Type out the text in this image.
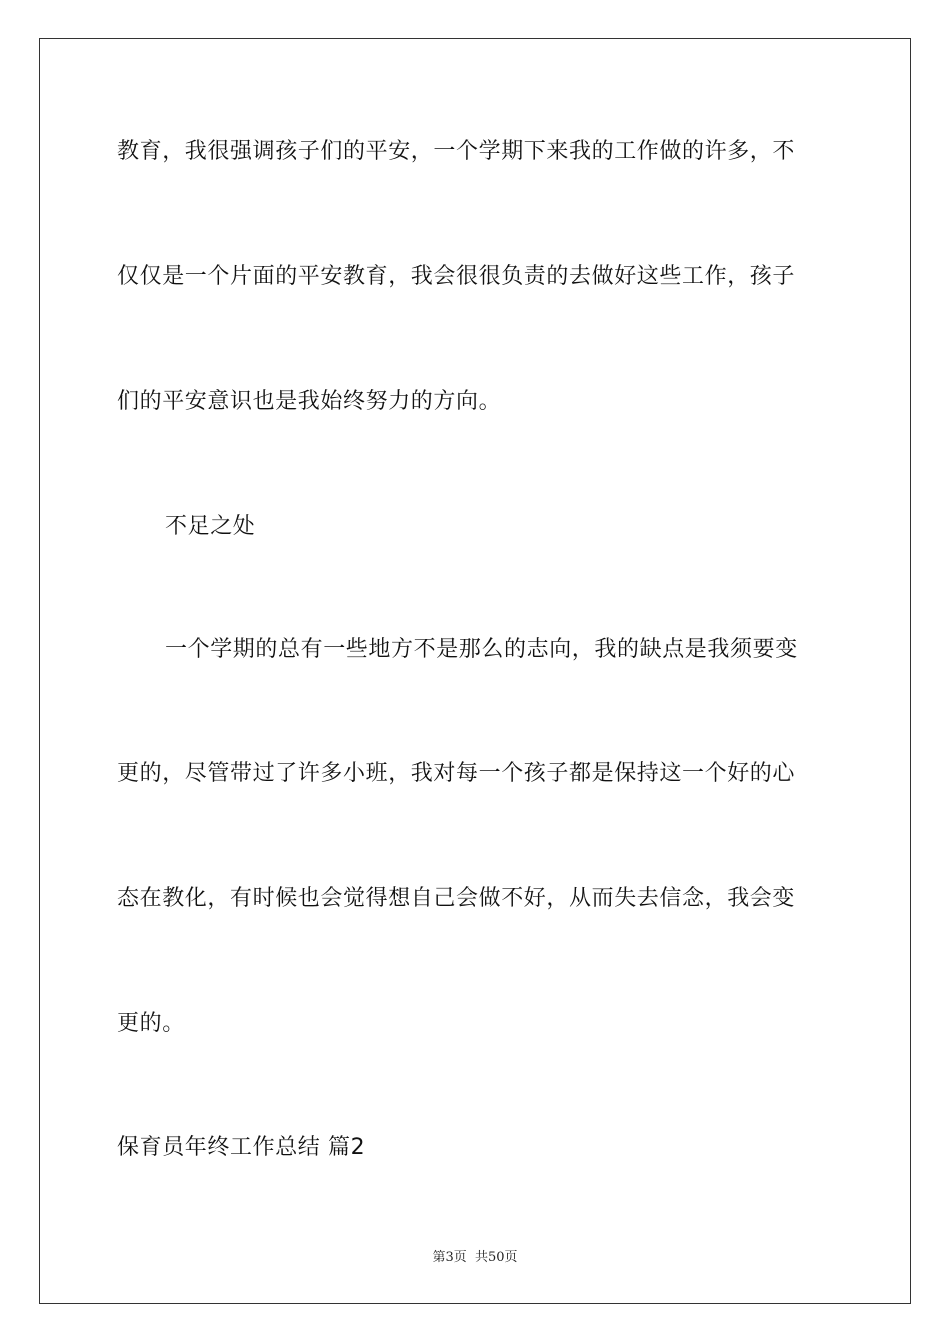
教育，我很强调孩子们的平安，一个学期下来我的工作做的许多，不
仅仅是一个片面的平安教育，我会很很负责的去做好这些工作，孩子
们的平安意识也是我始终努力的方向。
不足之处
一个学期的总有一些地方不是那么的志向，我的缺点是我须要变
更的，尽管带过了许多小班，我对每一个孩子都是保持这一个好的心
态在教化，有时候也会觉得想自己会做不好，从而失去信念，我会变
更的。
保育员年终工作总结 篇2
第3页 共50页
